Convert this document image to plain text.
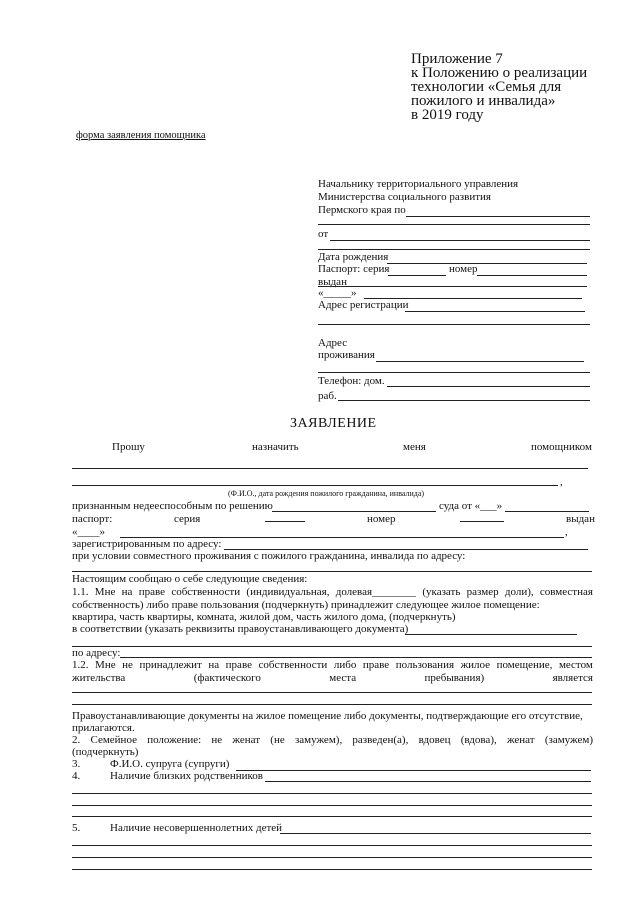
Приложение 7
к Положению о реализации
технологии «Семья для
пожилого и инвалида»
в 2019 году
форма заявления помощника
Начальнику территориального управления
Министерства социального развития
Пермского края по
от
Дата рождения
Паспорт: серия	номер
выдан
«_____»
Адрес регистрации
Адрес
проживания
Телефон: дом.
раб.
ЗАЯВЛЕНИЕ
Прошу	назначить	меня	помощником
,
(Ф.И.О., дата рождения пожилого гражданина, инвалида)
признанным недееспособным по решению	суда от «___»
паспорт:	серия	номер	выдан
«____»	,
зарегистрированным по адресу:
при условии совместного проживания с пожилого гражданина, инвалида по адресу:
Настоящим сообщаю о себе следующие сведения:
1.1. Мне на праве собственности (индивидуальная, долевая________ (указать размер доли), совместная
собственность) либо праве пользования (подчеркнуть) принадлежит следующее жилое помещение:
квартира, часть квартиры, комната, жилой дом, часть жилого дома, (подчеркнуть)
в соответствии (указать реквизиты правоустанавливающего документа)
по адресу:
1.2. Мне не принадлежит на праве собственности либо праве пользования жилое помещение, местом
жительства	(фактического	места	пребывания)	является
Правоустанавливающие документы на жилое помещение либо документы, подтверждающие его отсутствие,
прилагаются.
2. Семейное положение: не женат (не замужем), разведен(а), вдовец (вдова), женат (замужем)
(подчеркнуть)
3.	Ф.И.О. супруга (супруги)
4.	Наличие близких родственников
5.	Наличие несовершеннолетних детей
